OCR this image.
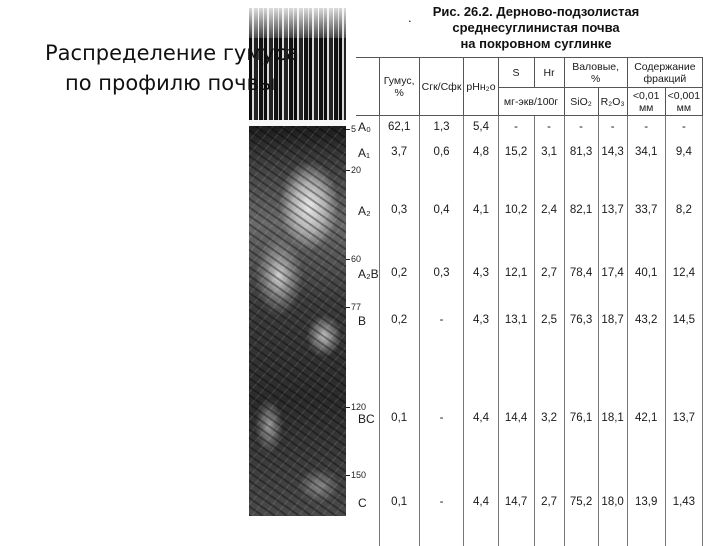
Распределение гумуса
по профилю почвы
.	Рис. 26.2. Дерново-подзолистая
среднесуглинистая почва
на покровном суглинке
5
20
60
77
120
150
	Гумус, %	Cгк/Cфк	pHн₂o	S	Hr	Валовые, %		Содержание фракций	
				мг-экв/100г		SiO₂	R₂O₃	<0,01 мм	<0,001 мм
A₀	62,1	1,3	5,4	-	-	-	-	-	-
A₁	3,7	0,6	4,8	15,2	3,1	81,3	14,3	34,1	9,4
A₂	0,3	0,4	4,1	10,2	2,4	82,1	13,7	33,7	8,2
A₂B	0,2	0,3	4,3	12,1	2,7	78,4	17,4	40,1	12,4
B	0,2	-	4,3	13,1	2,5	76,3	18,7	43,2	14,5
BC	0,1	-	4,4	14,4	3,2	76,1	18,1	42,1	13,7
C	0,1	-	4,4	14,7	2,7	75,2	18,0	13,9	1,43
